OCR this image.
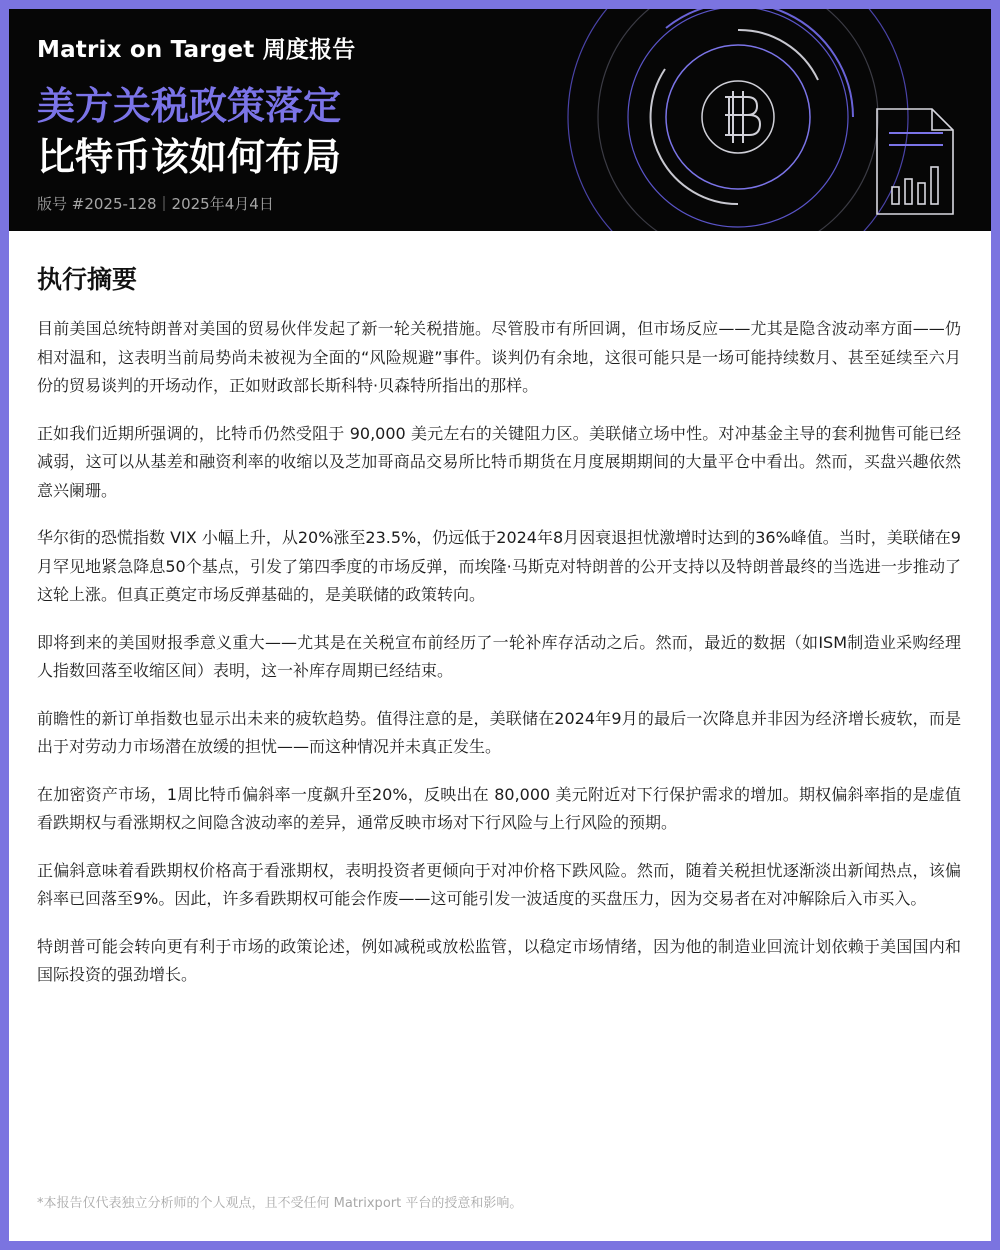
Matrix on Target 周度报告
美方关税政策落定
比特币该如何布局
版号 #2025-128｜2025年4月4日
执行摘要

目前美国总统特朗普对美国的贸易伙伴发起了新一轮关税措施。尽管股市有所回调，但市场反应——尤其是隐含波动率方面——仍相对温和，这表明当前局势尚未被视为全面的“风险规避”事件。谈判仍有余地，这很可能只是一场可能持续数月、甚至延续至六月份的贸易谈判的开场动作，正如财政部长斯科特·贝森特所指出的那样。

正如我们近期所强调的，比特币仍然受阻于 90,000 美元左右的关键阻力区。美联储立场中性。对冲基金主导的套利抛售可能已经减弱，这可以从基差和融资利率的收缩以及芝加哥商品交易所比特币期货在月度展期期间的大量平仓中看出。然而，买盘兴趣依然意兴阑珊。

华尔街的恐慌指数 VIX 小幅上升，从20%涨至23.5%，仍远低于2024年8月因衰退担忧激增时达到的36%峰值。当时，美联储在9月罕见地紧急降息50个基点，引发了第四季度的市场反弹，而埃隆·马斯克对特朗普的公开支持以及特朗普最终的当选进一步推动了这轮上涨。但真正奠定市场反弹基础的，是美联储的政策转向。

即将到来的美国财报季意义重大——尤其是在关税宣布前经历了一轮补库存活动之后。然而，最近的数据（如ISM制造业采购经理人指数回落至收缩区间）表明，这一补库存周期已经结束。

前瞻性的新订单指数也显示出未来的疲软趋势。值得注意的是，美联储在2024年9月的最后一次降息并非因为经济增长疲软，而是出于对劳动力市场潜在放缓的担忧——而这种情况并未真正发生。

在加密资产市场，1周比特币偏斜率一度飙升至20%，反映出在 80,000 美元附近对下行保护需求的增加。期权偏斜率指的是虚值看跌期权与看涨期权之间隐含波动率的差异，通常反映市场对下行风险与上行风险的预期。

正偏斜意味着看跌期权价格高于看涨期权，表明投资者更倾向于对冲价格下跌风险。然而，随着关税担忧逐渐淡出新闻热点，该偏斜率已回落至9%。因此，许多看跌期权可能会作废——这可能引发一波适度的买盘压力，因为交易者在对冲解除后入市买入。

特朗普可能会转向更有利于市场的政策论述，例如减税或放松监管，以稳定市场情绪，因为他的制造业回流计划依赖于美国国内和国际投资的强劲增长。

*本报告仅代表独立分析师的个人观点，且不受任何 Matrixport 平台的授意和影响。
